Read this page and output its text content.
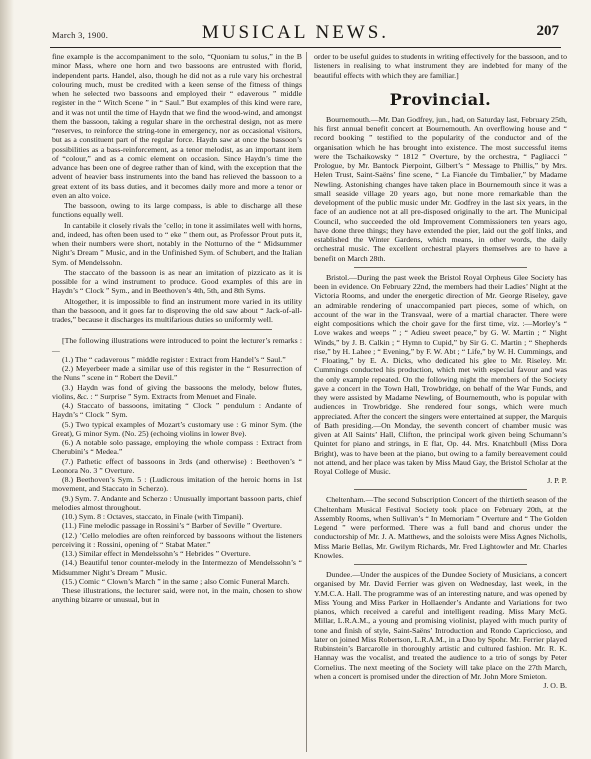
March 3, 1900.	MUSICAL NEWS.	207

fine example is the accompaniment to the solo, “Quoniam tu solus,” in the B minor Mass, where one horn and two bassoons are entrusted with florid, independent parts. Handel, also, though he did not as a rule vary his orchestral colouring much, must be credited with a keen sense of the fitness of things when he selected two bassoons and employed their “ edaverous ” middle register in the “ Witch Scene ” in “ Saul.” But examples of this kind were rare, and it was not until the time of Haydn that we find the wood-wind, and amongst them the bassoon, taking a regular share in the orchestral design, not as mere “reserves, to reinforce the string-tone in emergency, nor as occasional visitors, but as a constituent part of the regular force. Haydn saw at once the bassoon’s possibilities as a bass-reinforcement, as a tenor melodist, as an important item of “colour,” and as a comic element on occasion. Since Haydn’s time the advance has been one of degree rather than of kind, with the exception that the advent of heavier bass instruments into the band has relieved the bassoon to a great extent of its bass duties, and it becomes daily more and more a tenor or even an alto voice.

The bassoon, owing to its large compass, is able to discharge all these functions equally well.

In cantabile it closely rivals the ’cello; in tone it assimilates well with horns, and, indeed, has often been used to “ eke ” them out, as Professor Prout puts it, when their numbers were short, notably in the Notturno of the “ Midsummer Night’s Dream ” Music, and in the Unfinished Sym. of Schubert, and the Italian Sym. of Mendelssohn.

The staccato of the bassoon is as near an imitation of pizzicato as it is possible for a wind instrument to produce. Good examples of this are in Haydn’s “ Clock ” Sym., and in Beethoven’s 4th, 5th, and 8th Syms.

Altogether, it is impossible to find an instrument more varied in its utility than the bassoon, and it goes far to disproving the old saw about “ Jack-of-all-trades,” because it discharges its multifarious duties so uniformly well.

[The following illustrations were introduced to point the lecturer’s remarks :—

(1.) The “ cadaverous ” middle register : Extract from Handel’s “ Saul.”

(2.) Meyerbeer made a similar use of this register in the “ Resurrection of the Nuns ” scene in “ Robert the Devil.”

(3.) Haydn was fond of giving the bassoons the melody, below flutes, violins, &c. : “ Surprise ” Sym. Extracts from Menuet and Finale.

(4.) Staccato of bassoons, imitating “ Clock ” pendulum : Andante of Haydn’s “ Clock ” Sym.

(5.) Two typical examples of Mozart’s customary use : G minor Sym. (the Great), G minor Sym. (No. 25) (echoing violins in lower 8ve).

(6.) A notable solo passage, employing the whole compass : Extract from Cherubini’s “ Medea.”

(7.) Pathetic effect of bassoons in 3rds (and otherwise) : Beethoven’s “ Leonora No. 3 ” Overture.

(8.) Beethoven’s Sym. 5 : (Ludicrous imitation of the heroic horns in 1st movement, and Staccato in Scherzo).

(9.) Sym. 7. Andante and Scherzo : Unusually important bassoon parts, chief melodies almost throughout.

(10.) Sym. 8 : Octaves, staccato, in Finale (with Timpani).

(11.) Fine melodic passage in Rossini’s “ Barber of Seville ” Overture.

(12.) ’Cello melodies are often reinforced by bassoons without the listeners perceiving it : Rossini, opening of “ Stabat Mater.”

(13.) Similar effect in Mendelssohn’s “ Hebrides ” Overture.

(14.) Beautiful tenor counter-melody in the Intermezzo of Mendelssohn’s “ Midsummer Night’s Dream ” Music.

(15.) Comic “ Clown’s March ” in the same ; also Comic Funeral March.

These illustrations, the lecturer said, were not, in the main, chosen to show anything bizarre or unusual, but in

order to be useful guides to students in writing effectively for the bassoon, and to listeners in realising to what instrument they are indebted for many of the beautiful effects with which they are familiar.]

Provincial.

Bournemouth.—Mr. Dan Godfrey, jun., had, on Saturday last, February 25th, his first annual benefit concert at Bournemouth. An overflowing house and “ record booking ” testified to the popularity of the conductor and of the organisation which he has brought into existence. The most successful items were the Tschaikowsky “ 1812 ” Overture, by the orchestra, “ Pagliacci ” Prologue, by Mr. Bantock Pierpoint, Gilbert’s “ Message to Phillis,” by Mrs. Helen Trust, Saint-Saëns’ fine scene, “ La Fiancée du Timbalier,” by Madame Newling. Astonishing changes have taken place in Bournemouth since it was a small seaside village 20 years ago, but none more remarkable than the development of the public music under Mr. Godfrey in the last six years, in the face of an audience not at all pre-disposed originally to the art. The Municipal Council, who succeeded the old Improvement Commissioners ten years ago, have done three things; they have extended the pier, laid out the golf links, and established the Winter Gardens, which means, in other words, the daily orchestral music. The excellent orchestral players themselves are to have a benefit on March 28th.

Bristol.—During the past week the Bristol Royal Orpheus Glee Society has been in evidence. On February 22nd, the members had their Ladies’ Night at the Victoria Rooms, and under the energetic direction of Mr. George Riseley, gave an admirable rendering of unaccompanied part pieces, some of which, on account of the war in the Transvaal, were of a martial character. There were eight compositions which the choir gave for the first time, viz. :—Morley’s “ Love wakes and weeps ” ; “ Adieu sweet peace,” by G. W. Martin ; “ Night Winds,” by J. B. Calkin ; “ Hymn to Cupid,” by Sir G. C. Martin ; “ Shepherds rise,” by H. Lahee ; “ Evening,” by F. W. Abt ; “ Life,” by W. H. Cummings, and “ Floating,” by E. A. Dicks, who dedicated his glee to Mr. Riseley. Mr. Cummings conducted his production, which met with especial favour and was the only example repeated. On the following night the members of the Society gave a concert in the Town Hall, Trowbridge, on behalf of the War Funds, and they were assisted by Madame Newling, of Bournemouth, who is popular with audiences in Trowbridge. She rendered four songs, which were much appreciated. After the concert the singers were entertained at supper, the Marquis of Bath presiding.—On Monday, the seventh concert of chamber music was given at All Saints’ Hall, Clifton, the principal work given being Schumann’s Quintet for piano and strings, in E flat, Op. 44. Mrs. Knatchbull (Miss Dora Bright), was to have been at the piano, but owing to a family bereavement could not attend, and her place was taken by Miss Maud Gay, the Bristol Scholar at the Royal College of Music.

J. P. P.

Cheltenham.—The second Subscription Concert of the thirtieth season of the Cheltenham Musical Festival Society took place on February 20th, at the Assembly Rooms, when Sullivan’s “ In Memoriam ” Overture and “ The Golden Legend ” were performed. There was a full band and chorus under the conductorship of Mr. J. A. Matthews, and the soloists were Miss Agnes Nicholls, Miss Marie Bellas, Mr. Gwilym Richards, Mr. Fred Lightowler and Mr. Charles Knowles.

Dundee.—Under the auspices of the Dundee Society of Musicians, a concert organised by Mr. David Ferrier was given on Wednesday, last week, in the Y.M.C.A. Hall. The programme was of an interesting nature, and was opened by Miss Young and Miss Parker in Hollaender’s Andante and Variations for two pianos, which received a careful and intelligent reading. Miss Mary McG. Millar, L.R.A.M., a young and promising violinist, played with much purity of tone and finish of style, Saint-Saëns’ Introduction and Rondo Capriccioso, and later on joined Miss Robertson, L.R.A.M., in a Duo by Spohr. Mr. Ferrier played Rubinstein’s Barcarolle in thoroughly artistic and cultured fashion. Mr. R. K. Hannay was the vocalist, and treated the audience to a trio of songs by Peter Cornelius. The next meeting of the Society will take place on the 27th March, when a concert is promised under the direction of Mr. John More Smieton.

J. O. B.
